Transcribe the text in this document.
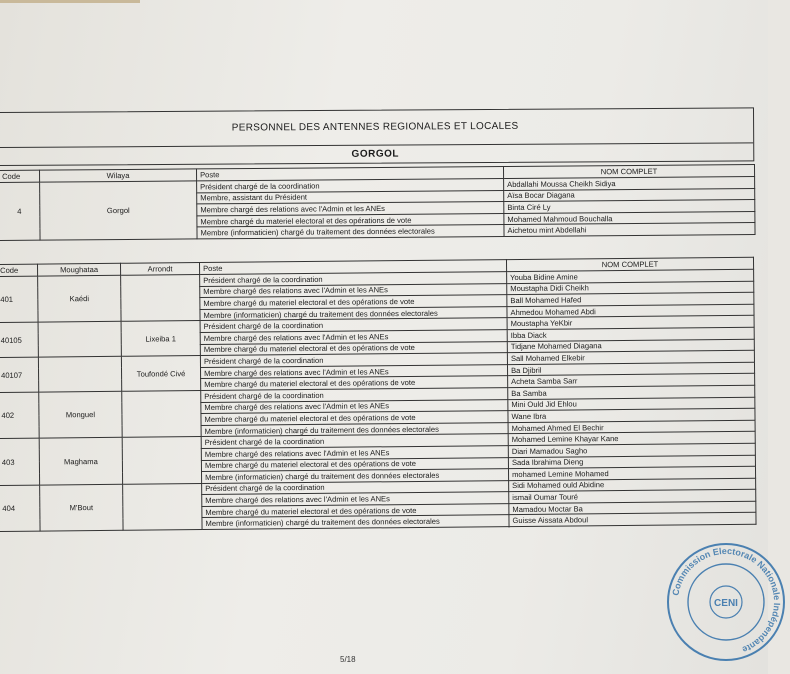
PERSONNEL DES ANTENNES REGIONALES ET LOCALES
GORGOL
Code	Wilaya	Poste	NOM COMPLET
4	Gorgol	Président chargé de la coordination	Abdallahi Moussa Cheikh Sidiya
		Membre, assistant du Président	Aïsa Bocar Diagana
		Membre chargé des relations avec l'Admin et les ANEs	Binta Ciré Ly
		Membre chargé du materiel electoral et des opérations de vote	Mohamed Mahmoud Bouchalla
		Membre (informaticien) chargé du traitement des données electorales	Aichetou mint Abdellahi
Code	Moughataa	Arrondt	Poste	NOM COMPLET
401	Kaédi		Président chargé de la coordination	Youba Bidine Amine
			Membre chargé des relations avec l'Admin et les ANEs	Moustapha Didi Cheikh
			Membre chargé du materiel electoral et des opérations de vote	Ball Mohamed Hafed
			Membre (informaticien) chargé du traitement des données electorales	Ahmedou Mohamed Abdi
40105		Lixeiba 1	Président chargé de la coordination	Moustapha YeKbir
			Membre chargé des relations avec l'Admin et les ANEs	Ibba Diack
			Membre chargé du materiel electoral et des opérations de vote	Tidjane Mohamed Diagana
40107		Toufondé Civé	Président chargé de la coordination	Sall Mohamed Elkebir
			Membre chargé des relations avec l'Admin et les ANEs	Ba Djibril
			Membre chargé du materiel electoral et des opérations de vote	Acheta Samba Sarr
402	Monguel		Président chargé de la coordination	Ba Samba
			Membre chargé des relations avec l'Admin et les ANEs	Mini Ould Jid Ehlou
			Membre chargé du materiel electoral et des opérations de vote	Wane Ibra
			Membre (informaticien) chargé du traitement des données electorales	Mohamed Ahmed El Bechir
403	Maghama		Président chargé de la coordination	Mohamed Lemine Khayar Kane
			Membre chargé des relations avec l'Admin et les ANEs	Diari Mamadou Sagho
			Membre chargé du materiel electoral et des opérations de vote	Sada Ibrahima Dieng
			Membre (informaticien) chargé du traitement des données electorales	mohamed Lemine Mohamed
404	M'Bout		Président chargé de la coordination	Sidi Mohamed ould Abidine
			Membre chargé des relations avec l'Admin et les ANEs	ismail Oumar Touré
			Membre chargé du materiel electoral et des opérations de vote	Mamadou Moctar Ba
			Membre (informaticien) chargé du traitement des données electorales	Guisse Aissata Abdoul
5/18
Commission Electorale Nationale Indépendante
CENI
